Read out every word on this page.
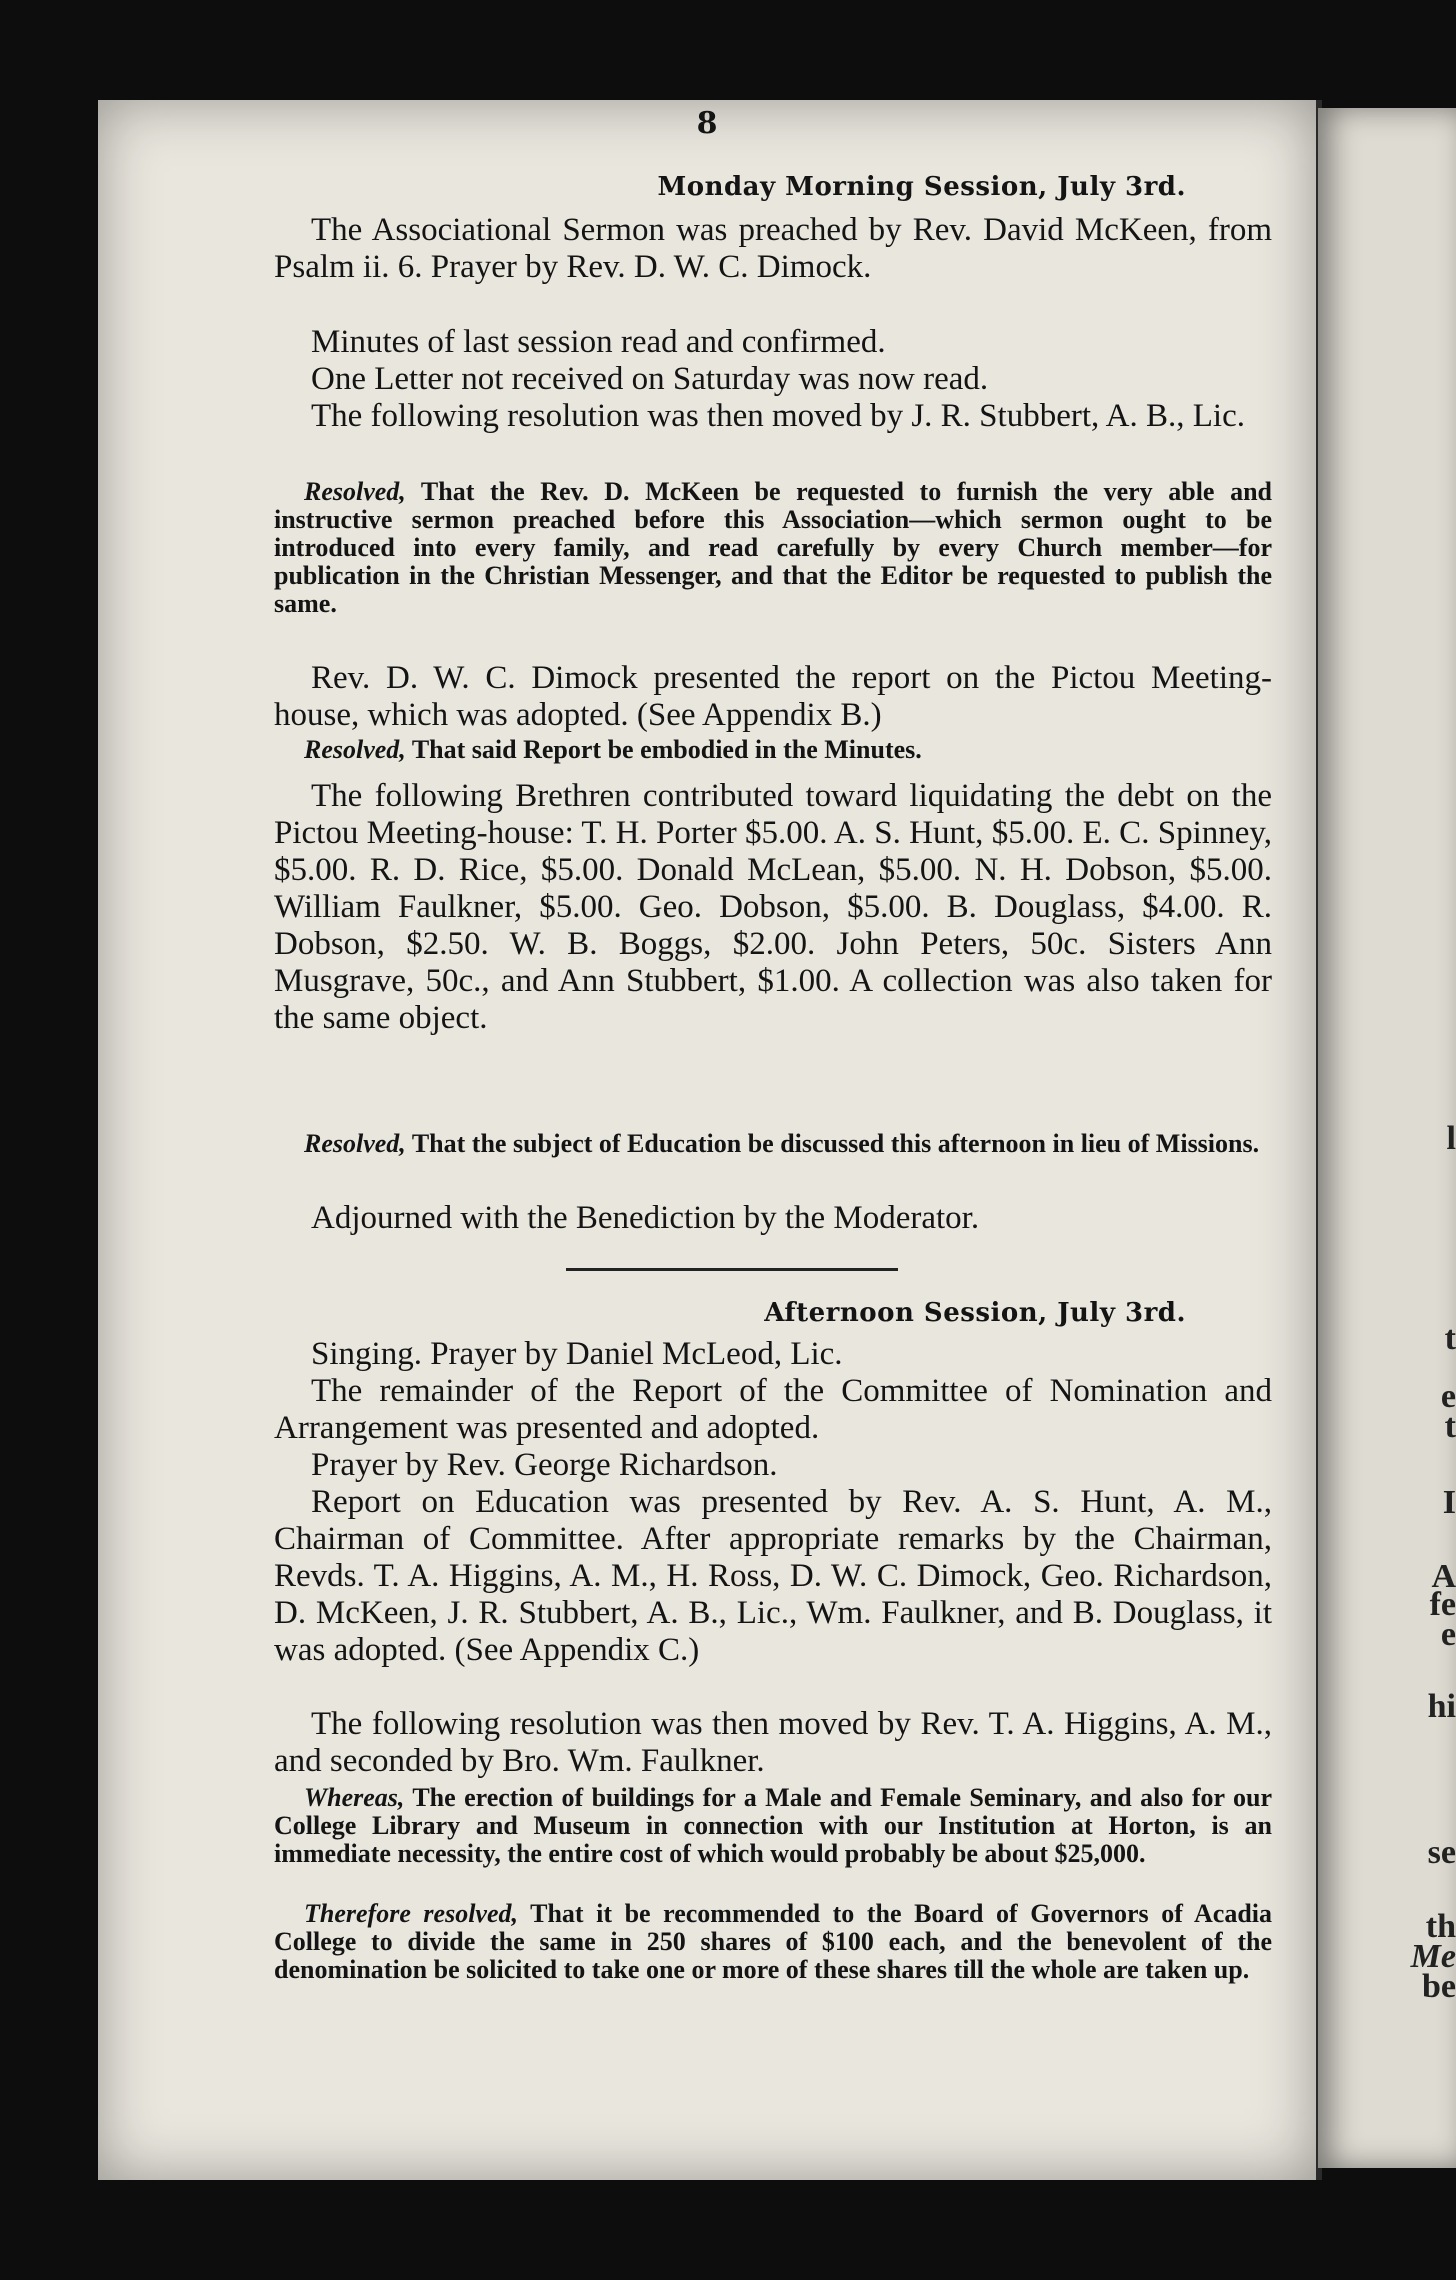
8
Monday Morning Session, July 3rd.

The Associational Sermon was preached by Rev. David McKeen, from Psalm ii. 6. Prayer by Rev. D. W. C. Dimock.

Minutes of last session read and confirmed.

One Letter not received on Saturday was now read.

The following resolution was then moved by J. R. Stubbert, A. B., Lic.

Resolved, That the Rev. D. McKeen be requested to furnish the very able and instructive sermon preached before this Association—which sermon ought to be introduced into every family, and read carefully by every Church member—for publication in the Christian Messenger, and that the Editor be requested to publish the same.

Rev. D. W. C. Dimock presented the report on the Pictou Meeting-house, which was adopted. (See Appendix B.)

Resolved, That said Report be embodied in the Minutes.

The following Brethren contributed toward liquidating the debt on the Pictou Meeting-house: T. H. Porter $5.00. A. S. Hunt, $5.00. E. C. Spinney, $5.00. R. D. Rice, $5.00. Donald McLean, $5.00. N. H. Dobson, $5.00. William Faulkner, $5.00. Geo. Dobson, $5.00. B. Douglass, $4.00. R. Dobson, $2.50. W. B. Boggs, $2.00. John Peters, 50c. Sisters Ann Musgrave, 50c., and Ann Stubbert, $1.00. A collection was also taken for the same object.

Resolved, That the subject of Education be discussed this afternoon in lieu of Missions.

Adjourned with the Benediction by the Moderator.

Afternoon Session, July 3rd.

Singing. Prayer by Daniel McLeod, Lic.

The remainder of the Report of the Committee of Nomination and Arrangement was presented and adopted.

Prayer by Rev. George Richardson.

Report on Education was presented by Rev. A. S. Hunt, A. M., Chairman of Committee. After appropriate remarks by the Chairman, Revds. T. A. Higgins, A. M., H. Ross, D. W. C. Dimock, Geo. Richardson, D. McKeen, J. R. Stubbert, A. B., Lic., Wm. Faulkner, and B. Douglass, it was adopted. (See Appendix C.)

The following resolution was then moved by Rev. T. A. Higgins, A. M., and seconded by Bro. Wm. Faulkner.

Whereas, The erection of buildings for a Male and Female Seminary, and also for our College Library and Museum in connection with our Institution at Horton, is an immediate necessity, the entire cost of which would probably be about $25,000.

Therefore resolved, That it be recommended to the Board of Governors of Acadia College to divide the same in 250 shares of $100 each, and the benevolent of the denomination be solicited to take one or more of these shares till the whole are taken up.

l
t
e
t
I
A
fe
e
hi
se
th
Me
be
